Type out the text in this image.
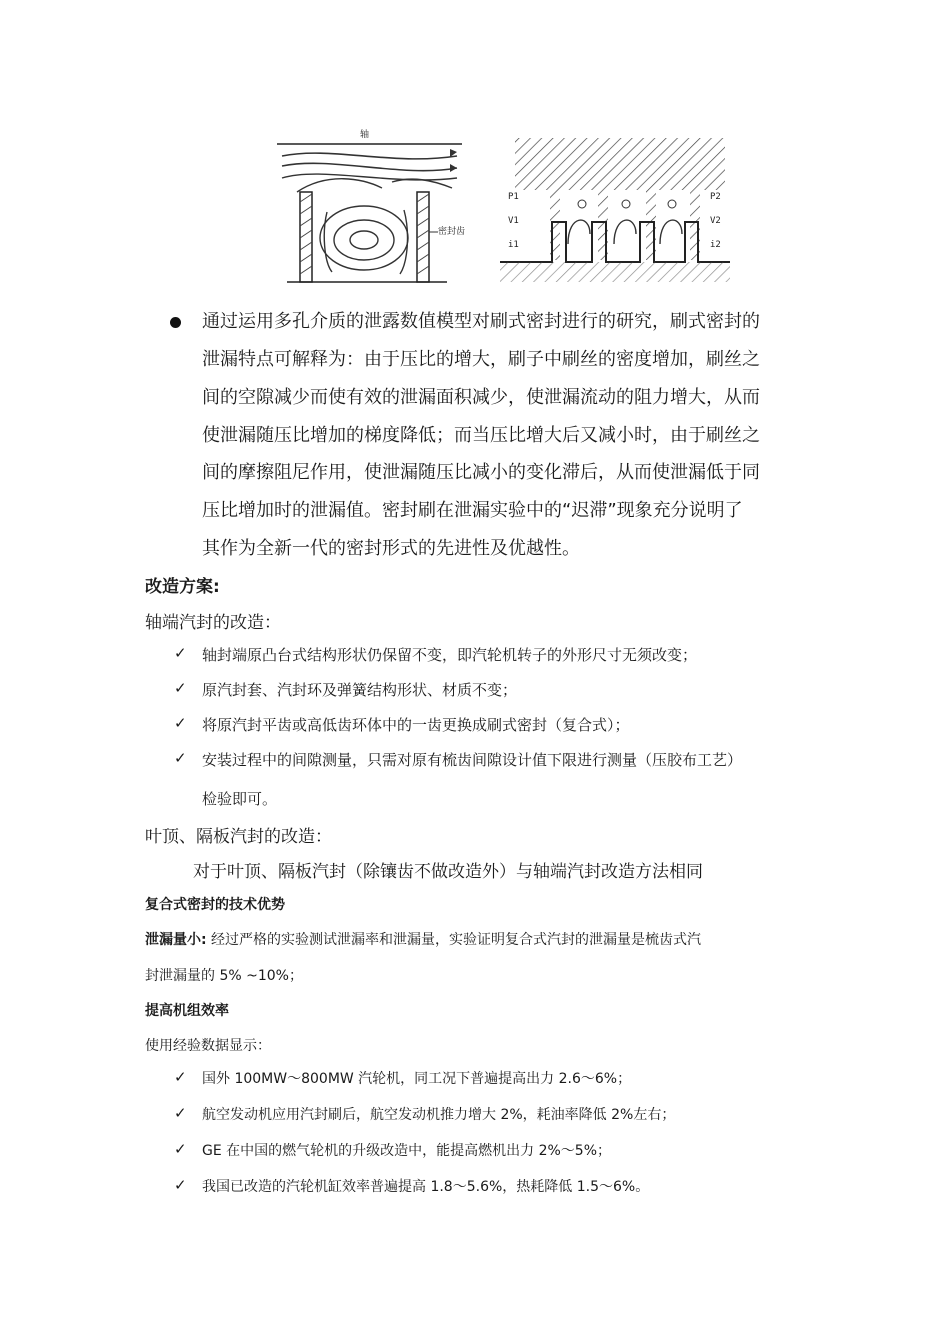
轴
密封齿
P1
V1
i1
P2
V2
i2
通过运用多孔介质的泄露数值模型对刷式密封进行的研究，刷式密封的
泄漏特点可解释为：由于压比的增大，刷子中刷丝的密度增加，刷丝之
间的空隙减少而使有效的泄漏面积减少，使泄漏流动的阻力增大，从而
使泄漏随压比增加的梯度降低；而当压比增大后又减小时，由于刷丝之
间的摩擦阻尼作用，使泄漏随压比减小的变化滞后，从而使泄漏低于同
压比增加时的泄漏值。密封刷在泄漏实验中的“迟滞”现象充分说明了
其作为全新一代的密封形式的先进性及优越性。
改造方案:
轴端汽封的改造：
✓ 轴封端原凸台式结构形状仍保留不变，即汽轮机转子的外形尺寸无须改变；
✓ 原汽封套、汽封环及弹簧结构形状、材质不变；
✓ 将原汽封平齿或高低齿环体中的一齿更换成刷式密封（复合式）；
✓ 安装过程中的间隙测量，只需对原有梳齿间隙设计值下限进行测量（压胶布工艺）
检验即可。
叶顶、隔板汽封的改造：
对于叶顶、隔板汽封（除镶齿不做改造外）与轴端汽封改造方法相同
复合式密封的技术优势
泄漏量小: 经过严格的实验测试泄漏率和泄漏量，实验证明复合式汽封的泄漏量是梳齿式汽
封泄漏量的 5% ~10%；
提高机组效率
使用经验数据显示：
✓ 国外 100MW～800MW 汽轮机，同工况下普遍提高出力 2.6～6%；
✓ 航空发动机应用汽封刷后，航空发动机推力增大 2%，耗油率降低 2%左右；
✓ GE 在中国的燃气轮机的升级改造中，能提高燃机出力 2%～5%；
✓ 我国已改造的汽轮机缸效率普遍提高 1.8～5.6%，热耗降低 1.5～6%。
